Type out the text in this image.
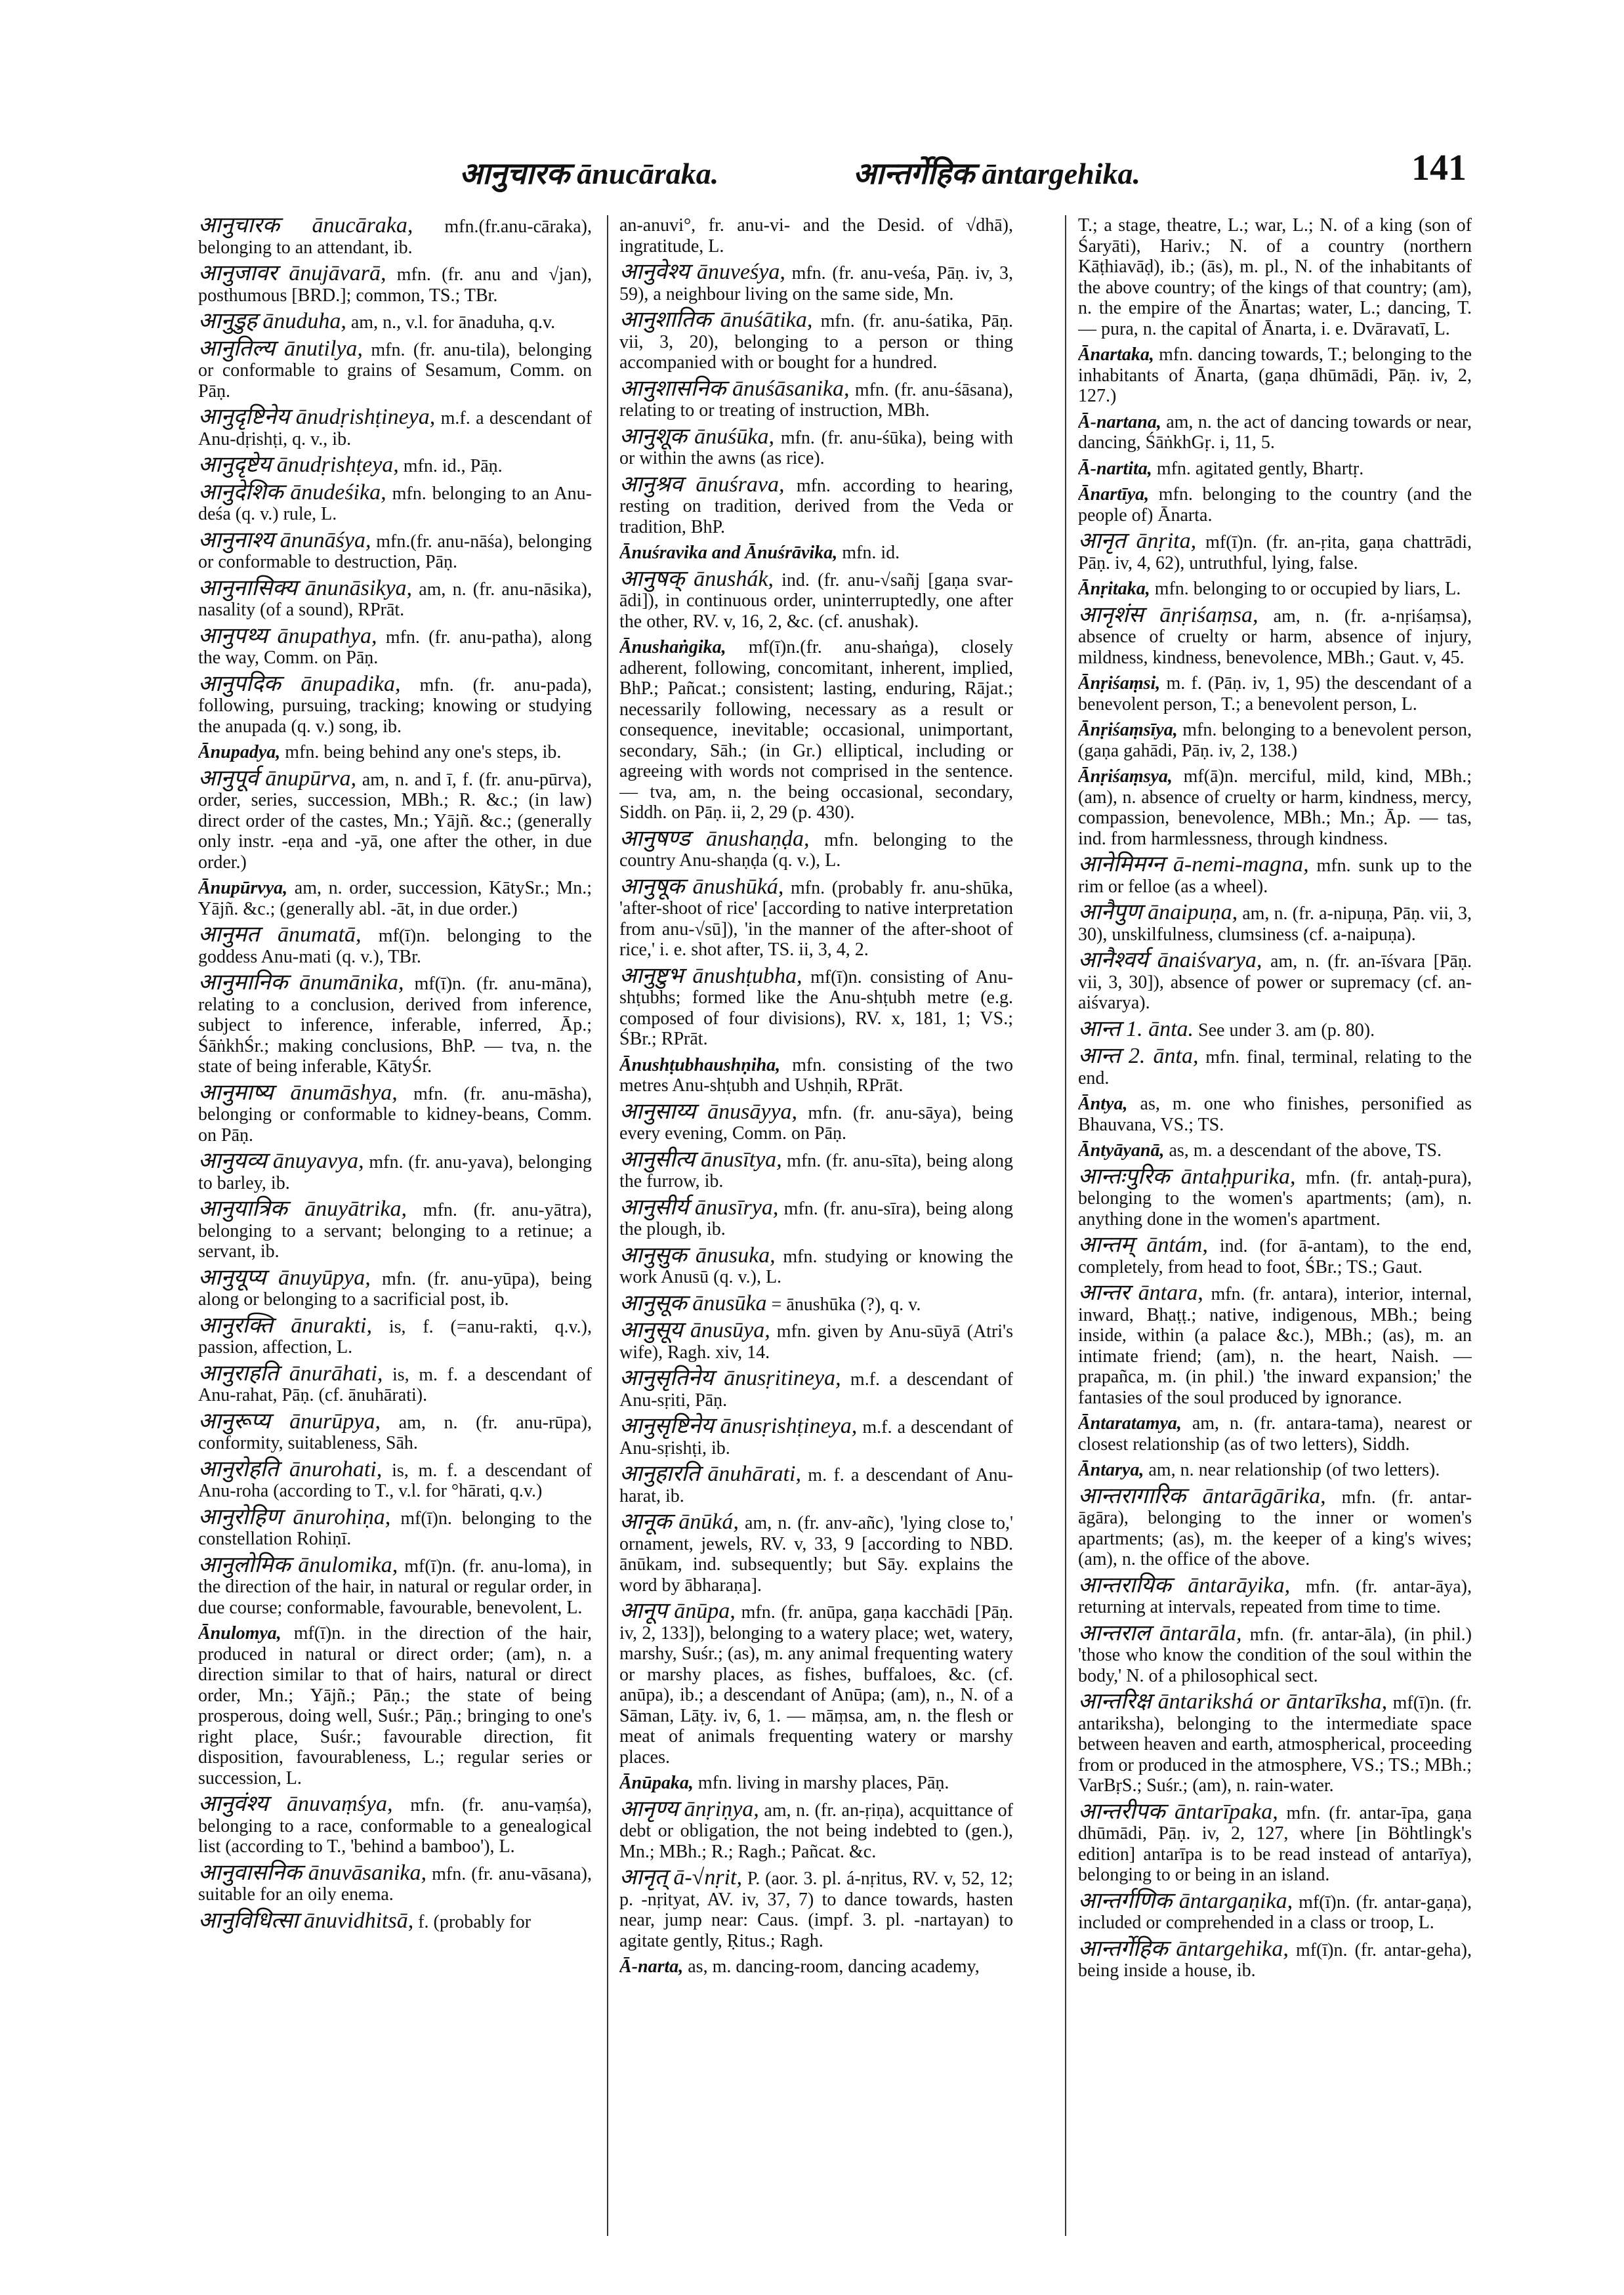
आनुचारक ānucāraka.	आन्तर्गेहिक āntargehika.	141

आनुचारक ānucāraka, mfn.(fr.anu-cāraka), belonging to an attendant, ib.

आनुजावर ānujāvarā, mfn. (fr. anu and √jan), posthumous [BRD.]; common, TS.; TBr.

आनुडुह ānuduha, am, n., v.l. for ānaduha, q.v.

आनुतिल्य ānutilya, mfn. (fr. anu-tila), belonging or conformable to grains of Sesamum, Comm. on Pāṇ.

आनुदृष्टिनेय ānudṛishṭineya, m.f. a descendant of Anu-dṛishṭi, q. v., ib.

आनुदृष्टेय ānudṛishṭeya, mfn. id., Pāṇ.

आनुदेशिक ānudeśika, mfn. belonging to an Anu-deśa (q. v.) rule, L.

आनुनाश्य ānunāśya, mfn.(fr. anu-nāśa), belonging or conformable to destruction, Pāṇ.

आनुनासिक्य ānunāsikya, am, n. (fr. anu-nāsika), nasality (of a sound), RPrāt.

आनुपथ्य ānupathya, mfn. (fr. anu-patha), along the way, Comm. on Pāṇ.

आनुपदिक ānupadika, mfn. (fr. anu-pada), following, pursuing, tracking; knowing or studying the anupada (q. v.) song, ib.

Ānupadya, mfn. being behind any one's steps, ib.

आनुपूर्व ānupūrva, am, n. and ī, f. (fr. anu-pūrva), order, series, succession, MBh.; R. &c.; (in law) direct order of the castes, Mn.; Yājñ. &c.; (generally only instr. -eṇa and -yā, one after the other, in due order.)

Ānupūrvya, am, n. order, succession, KātySr.; Mn.; Yājñ. &c.; (generally abl. -āt, in due order.)

आनुमत ānumatā, mf(ī)n. belonging to the goddess Anu-mati (q. v.), TBr.

आनुमानिक ānumānika, mf(ī)n. (fr. anu-māna), relating to a conclusion, derived from inference, subject to inference, inferable, inferred, Āp.; ŚāṅkhŚr.; making conclusions, BhP. — tva, n. the state of being inferable, KātyŚr.

आनुमाष्य ānumāshya, mfn. (fr. anu-māsha), belonging or conformable to kidney-beans, Comm. on Pāṇ.

आनुयव्य ānuyavya, mfn. (fr. anu-yava), belonging to barley, ib.

आनुयात्रिक ānuyātrika, mfn. (fr. anu-yātra), belonging to a servant; belonging to a retinue; a servant, ib.

आनुयूप्य ānuyūpya, mfn. (fr. anu-yūpa), being along or belonging to a sacrificial post, ib.

आनुरक्ति ānurakti, is, f. (=anu-rakti, q.v.), passion, affection, L.

आनुराहति ānurāhati, is, m. f. a descendant of Anu-rahat, Pāṇ. (cf. ānuhārati).

आनुरूप्य ānurūpya, am, n. (fr. anu-rūpa), conformity, suitableness, Sāh.

आनुरोहति ānurohati, is, m. f. a descendant of Anu-roha (according to T., v.l. for °hārati, q.v.)

आनुरोहिण ānurohiṇa, mf(ī)n. belonging to the constellation Rohiṇī.

आनुलोमिक ānulomika, mf(ī)n. (fr. anu-loma), in the direction of the hair, in natural or regular order, in due course; conformable, favourable, benevolent, L.

Ānulomya, mf(ī)n. in the direction of the hair, produced in natural or direct order; (am), n. a direction similar to that of hairs, natural or direct order, Mn.; Yājñ.; Pāṇ.; the state of being prosperous, doing well, Suśr.; Pāṇ.; bringing to one's right place, Suśr.; favourable direction, fit disposition, favourableness, L.; regular series or succession, L.

आनुवंश्य ānuvaṃśya, mfn. (fr. anu-vaṃśa), belonging to a race, conformable to a genealogical list (according to T., 'behind a bamboo'), L.

आनुवासनिक ānuvāsanika, mfn. (fr. anu-vāsana), suitable for an oily enema.

आनुविधित्सा ānuvidhitsā, f. (probably for

an-anuvi°, fr. anu-vi- and the Desid. of √dhā), ingratitude, L.

आनुवेश्य ānuveśya, mfn. (fr. anu-veśa, Pāṇ. iv, 3, 59), a neighbour living on the same side, Mn.

आनुशातिक ānuśātika, mfn. (fr. anu-śatika, Pāṇ. vii, 3, 20), belonging to a person or thing accompanied with or bought for a hundred.

आनुशासनिक ānuśāsanika, mfn. (fr. anu-śāsana), relating to or treating of instruction, MBh.

आनुशूक ānuśūka, mfn. (fr. anu-śūka), being with or within the awns (as rice).

आनुश्रव ānuśrava, mfn. according to hearing, resting on tradition, derived from the Veda or tradition, BhP.

Ānuśravika and Ānuśrāvika, mfn. id.

आनुषक् ānushák, ind. (fr. anu-√sañj [gaṇa svar-ādi]), in continuous order, uninterruptedly, one after the other, RV. v, 16, 2, &c. (cf. anushak).

Ānushaṅgika, mf(ī)n.(fr. anu-shaṅga), closely adherent, following, concomitant, inherent, implied, BhP.; Pañcat.; consistent; lasting, enduring, Rājat.; necessarily following, necessary as a result or consequence, inevitable; occasional, unimportant, secondary, Sāh.; (in Gr.) elliptical, including or agreeing with words not comprised in the sentence. — tva, am, n. the being occasional, secondary, Siddh. on Pāṇ. ii, 2, 29 (p. 430).

आनुषण्ड ānushaṇḍa, mfn. belonging to the country Anu-shaṇḍa (q. v.), L.

आनुषूक ānushūká, mfn. (probably fr. anu-shūka, 'after-shoot of rice' [according to native interpretation from anu-√sū]), 'in the manner of the after-shoot of rice,' i. e. shot after, TS. ii, 3, 4, 2.

आनुष्टुभ ānushṭubha, mf(ī)n. consisting of Anu-shṭubhs; formed like the Anu-shṭubh metre (e.g. composed of four divisions), RV. x, 181, 1; VS.; ŚBr.; RPrāt.

Ānushṭubhaushṇiha, mfn. consisting of the two metres Anu-shṭubh and Ushṇih, RPrāt.

आनुसाय्य ānusāyya, mfn. (fr. anu-sāya), being every evening, Comm. on Pāṇ.

आनुसीत्य ānusītya, mfn. (fr. anu-sīta), being along the furrow, ib.

आनुसीर्य ānusīrya, mfn. (fr. anu-sīra), being along the plough, ib.

आनुसुक ānusuka, mfn. studying or knowing the work Anusū (q. v.), L.

आनुसूक ānusūka = ānushūka (?), q. v.

आनुसूय ānusūya, mfn. given by Anu-sūyā (Atri's wife), Ragh. xiv, 14.

आनुसृतिनेय ānusṛitineya, m.f. a descendant of Anu-sṛiti, Pāṇ.

आनुसृष्टिनेय ānusṛishṭineya, m.f. a descendant of Anu-sṛishṭi, ib.

आनुहारति ānuhārati, m. f. a descendant of Anu-harat, ib.

आनूक ānūká, am, n. (fr. anv-añc), 'lying close to,' ornament, jewels, RV. v, 33, 9 [according to NBD. ānūkam, ind. subsequently; but Sāy. explains the word by ābharaṇa].

आनूप ānūpa, mfn. (fr. anūpa, gaṇa kacchādi [Pāṇ. iv, 2, 133]), belonging to a watery place; wet, watery, marshy, Suśr.; (as), m. any animal frequenting watery or marshy places, as fishes, buffaloes, &c. (cf. anūpa), ib.; a descendant of Anūpa; (am), n., N. of a Sāman, Lāṭy. iv, 6, 1. — māṃsa, am, n. the flesh or meat of animals frequenting watery or marshy places.

Ānūpaka, mfn. living in marshy places, Pāṇ.

आनृण्य ānṛiṇya, am, n. (fr. an-ṛiṇa), acquittance of debt or obligation, the not being indebted to (gen.), Mn.; MBh.; R.; Ragh.; Pañcat. &c.

आनृत् ā-√nṛit, P. (aor. 3. pl. á-nṛitus, RV. v, 52, 12; p. -nṛityat, AV. iv, 37, 7) to dance towards, hasten near, jump near: Caus. (impf. 3. pl. -nartayan) to agitate gently, Ṛitus.; Ragh.

Ā-narta, as, m. dancing-room, dancing academy,

T.; a stage, theatre, L.; war, L.; N. of a king (son of Śaryāti), Hariv.; N. of a country (northern Kāṭhiavāḍ), ib.; (ās), m. pl., N. of the inhabitants of the above country; of the kings of that country; (am), n. the empire of the Ānartas; water, L.; dancing, T. — pura, n. the capital of Ānarta, i. e. Dvāravatī, L.

Ānartaka, mfn. dancing towards, T.; belonging to the inhabitants of Ānarta, (gaṇa dhūmādi, Pāṇ. iv, 2, 127.)

Ā-nartana, am, n. the act of dancing towards or near, dancing, ŚāṅkhGṛ. i, 11, 5.

Ā-nartita, mfn. agitated gently, Bhartṛ.

Ānartīya, mfn. belonging to the country (and the people of) Ānarta.

आनृत ānṛita, mf(ī)n. (fr. an-ṛita, gaṇa chattrādi, Pāṇ. iv, 4, 62), untruthful, lying, false.

Ānṛitaka, mfn. belonging to or occupied by liars, L.

आनृशंस ānṛiśaṃsa, am, n. (fr. a-nṛiśaṃsa), absence of cruelty or harm, absence of injury, mildness, kindness, benevolence, MBh.; Gaut. v, 45.

Ānṛiśaṃsi, m. f. (Pāṇ. iv, 1, 95) the descendant of a benevolent person, T.; a benevolent person, L.

Ānṛiśaṃsīya, mfn. belonging to a benevolent person, (gaṇa gahādi, Pāṇ. iv, 2, 138.)

Ānṛiśaṃsya, mf(ā)n. merciful, mild, kind, MBh.; (am), n. absence of cruelty or harm, kindness, mercy, compassion, benevolence, MBh.; Mn.; Āp. — tas, ind. from harmlessness, through kindness.

आनेमिमग्न ā-nemi-magna, mfn. sunk up to the rim or felloe (as a wheel).

आनैपुण ānaipuṇa, am, n. (fr. a-nipuṇa, Pāṇ. vii, 3, 30), unskilfulness, clumsiness (cf. a-naipuṇa).

आनैश्वर्य ānaiśvarya, am, n. (fr. an-īśvara [Pāṇ. vii, 3, 30]), absence of power or supremacy (cf. an-aiśvarya).

आन्त 1. ānta. See under 3. am (p. 80).

आन्त 2. ānta, mfn. final, terminal, relating to the end.

Āntya, as, m. one who finishes, personified as Bhauvana, VS.; TS.

Āntyāyanā, as, m. a descendant of the above, TS.

आन्तःपुरिक āntaḥpurika, mfn. (fr. antaḥ-pura), belonging to the women's apartments; (am), n. anything done in the women's apartment.

आन्तम् āntám, ind. (for ā-antam), to the end, completely, from head to foot, ŚBr.; TS.; Gaut.

आन्तर āntara, mfn. (fr. antara), interior, internal, inward, Bhaṭṭ.; native, indigenous, MBh.; being inside, within (a palace &c.), MBh.; (as), m. an intimate friend; (am), n. the heart, Naish. — prapañca, m. (in phil.) 'the inward expansion;' the fantasies of the soul produced by ignorance.

Āntaratamya, am, n. (fr. antara-tama), nearest or closest relationship (as of two letters), Siddh.

Āntarya, am, n. near relationship (of two letters).

आन्तरागारिक āntarāgārika, mfn. (fr. antar-āgāra), belonging to the inner or women's apartments; (as), m. the keeper of a king's wives; (am), n. the office of the above.

आन्तरायिक āntarāyika, mfn. (fr. antar-āya), returning at intervals, repeated from time to time.

आन्तराल āntarāla, mfn. (fr. antar-āla), (in phil.) 'those who know the condition of the soul within the body,' N. of a philosophical sect.

आन्तरिक्ष āntarikshá or āntarīksha, mf(ī)n. (fr. antariksha), belonging to the intermediate space between heaven and earth, atmospherical, proceeding from or produced in the atmosphere, VS.; TS.; MBh.; VarBṛS.; Suśr.; (am), n. rain-water.

आन्तरीपक āntarīpaka, mfn. (fr. antar-īpa, gaṇa dhūmādi, Pāṇ. iv, 2, 127, where [in Böhtlingk's edition] antarīpa is to be read instead of antarīya), belonging to or being in an island.

आन्तर्गणिक āntargaṇika, mf(ī)n. (fr. antar-gaṇa), included or comprehended in a class or troop, L.

आन्तर्गेहिक āntargehika, mf(ī)n. (fr. antar-geha), being inside a house, ib.
